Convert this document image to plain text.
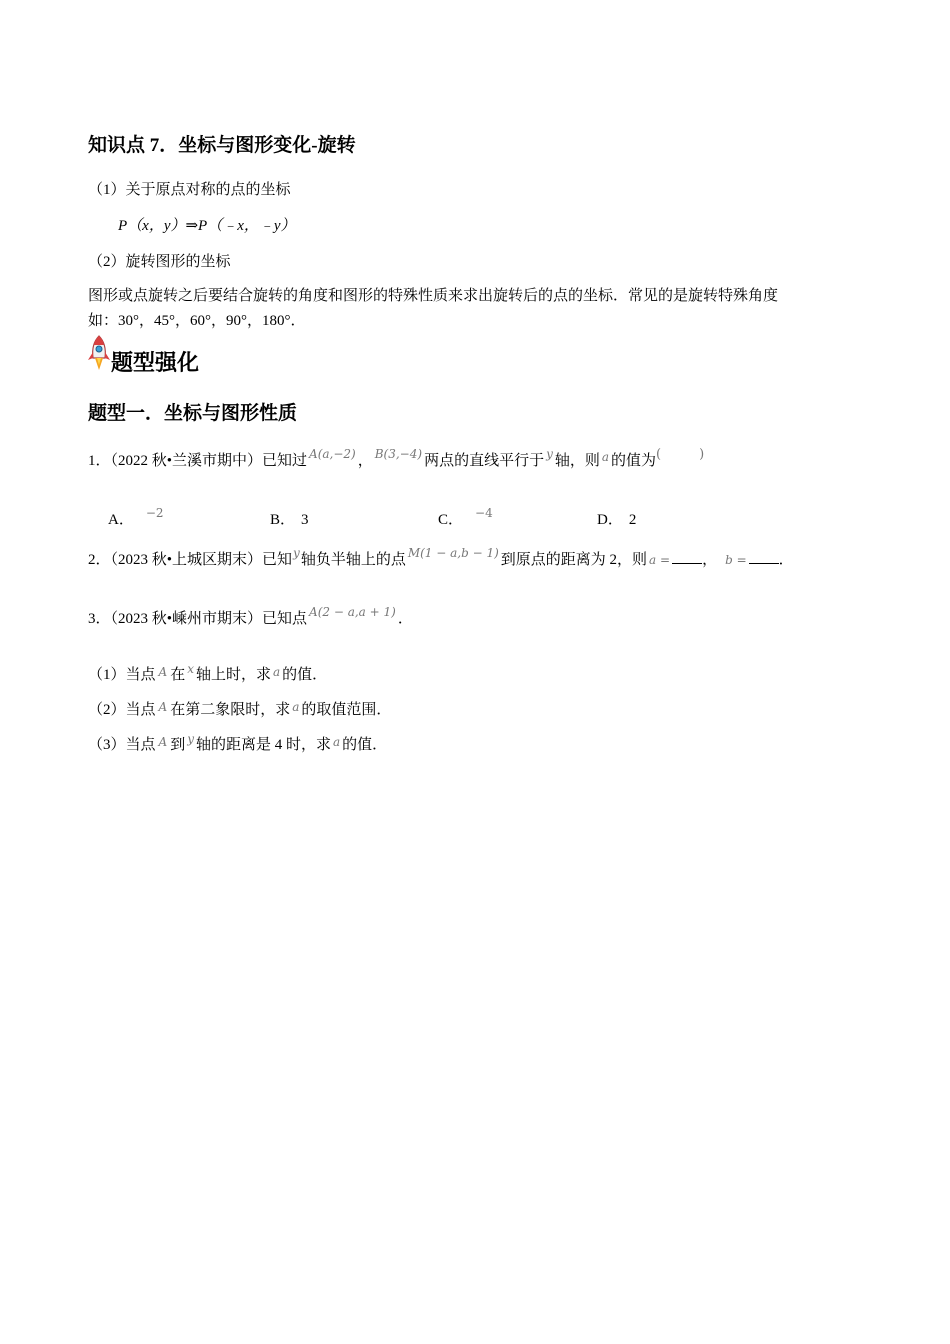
知识点 7．坐标与图形变化-旋转
（1）关于原点对称的点的坐标
P（x，y）⇒P（﹣x，﹣y）
（2）旋转图形的坐标
图形或点旋转之后要结合旋转的角度和图形的特殊性质来求出旋转后的点的坐标．常见的是旋转特殊角度
如：30°，45°，60°，90°，180°．
题型强化
题型一．坐标与图形性质
1．（2022 秋•兰溪市期中）已知过 $^{A(a,-2)}$ ， $^{B(3,-4)}$ 两点的直线平行于 $^y$ 轴，则 $^a$ 的值为(	)
A． $^{-2}$	B． 3	C． $^{-4}$	D． 2
2．（2023 秋•上城区期末）已知$^y$轴负半轴上的点 $^{M(1 - a,b - 1)}$ 到原点的距离为 2，则 a = ， b = ．
3．（2023 秋•嵊州市期末）已知点 $^{A(2 - a,a + 1)}$ ．
（1）当点 $^A$ 在 $^x$ 轴上时，求 $^a$ 的值．
（2）当点 $^A$ 在第二象限时，求 $^a$ 的取值范围．
（3）当点 $^A$ 到 $^y$ 轴的距离是 4 时，求 $^a$ 的值．
